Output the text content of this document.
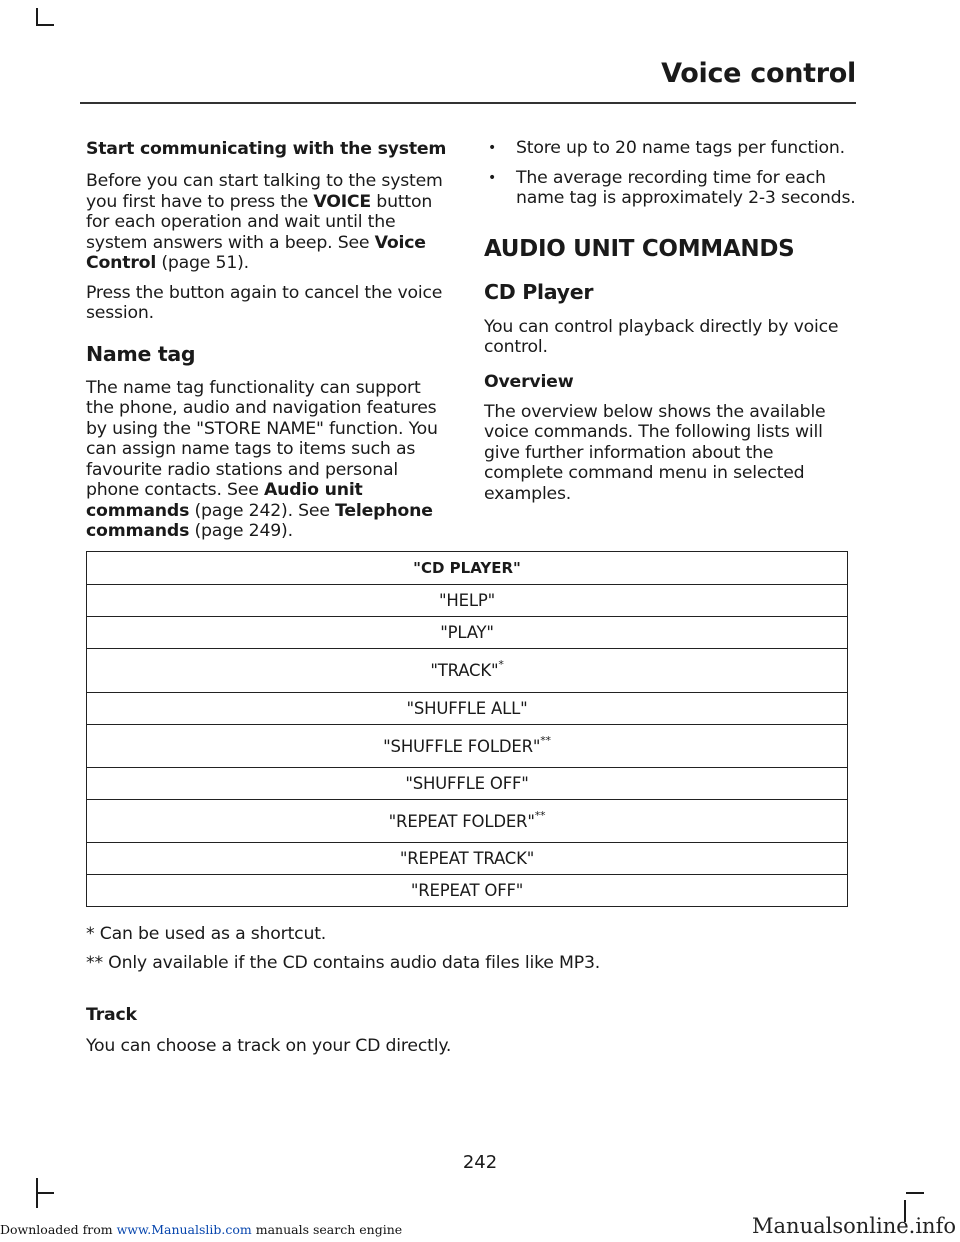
Voice control

Start communicating with the system

Before you can start talking to the system you first have to press the VOICE button for each operation and wait until the system answers with a beep. See Voice Control (page 51).

Press the button again to cancel the voice session.

Name tag

The name tag functionality can support the phone, audio and navigation features by using the "STORE NAME" function. You can assign name tags to items such as favourite radio stations and personal phone contacts. See Audio unit commands (page 242). See Telephone commands (page 249).

• Store up to 20 name tags per function.
• The average recording time for each name tag is approximately 2-3 seconds.

AUDIO UNIT COMMANDS

CD Player

You can control playback directly by voice control.

Overview

The overview below shows the available voice commands. The following lists will give further information about the complete command menu in selected examples.

"CD PLAYER"
"HELP"
"PLAY"
"TRACK"*
"SHUFFLE ALL"
"SHUFFLE FOLDER"**
"SHUFFLE OFF"
"REPEAT FOLDER"**
"REPEAT TRACK"
"REPEAT OFF"

* Can be used as a shortcut.

** Only available if the CD contains audio data files like MP3.

Track

You can choose a track on your CD directly.

242
Downloaded from www.Manualslib.com manuals search engine	Manualsonline.info
